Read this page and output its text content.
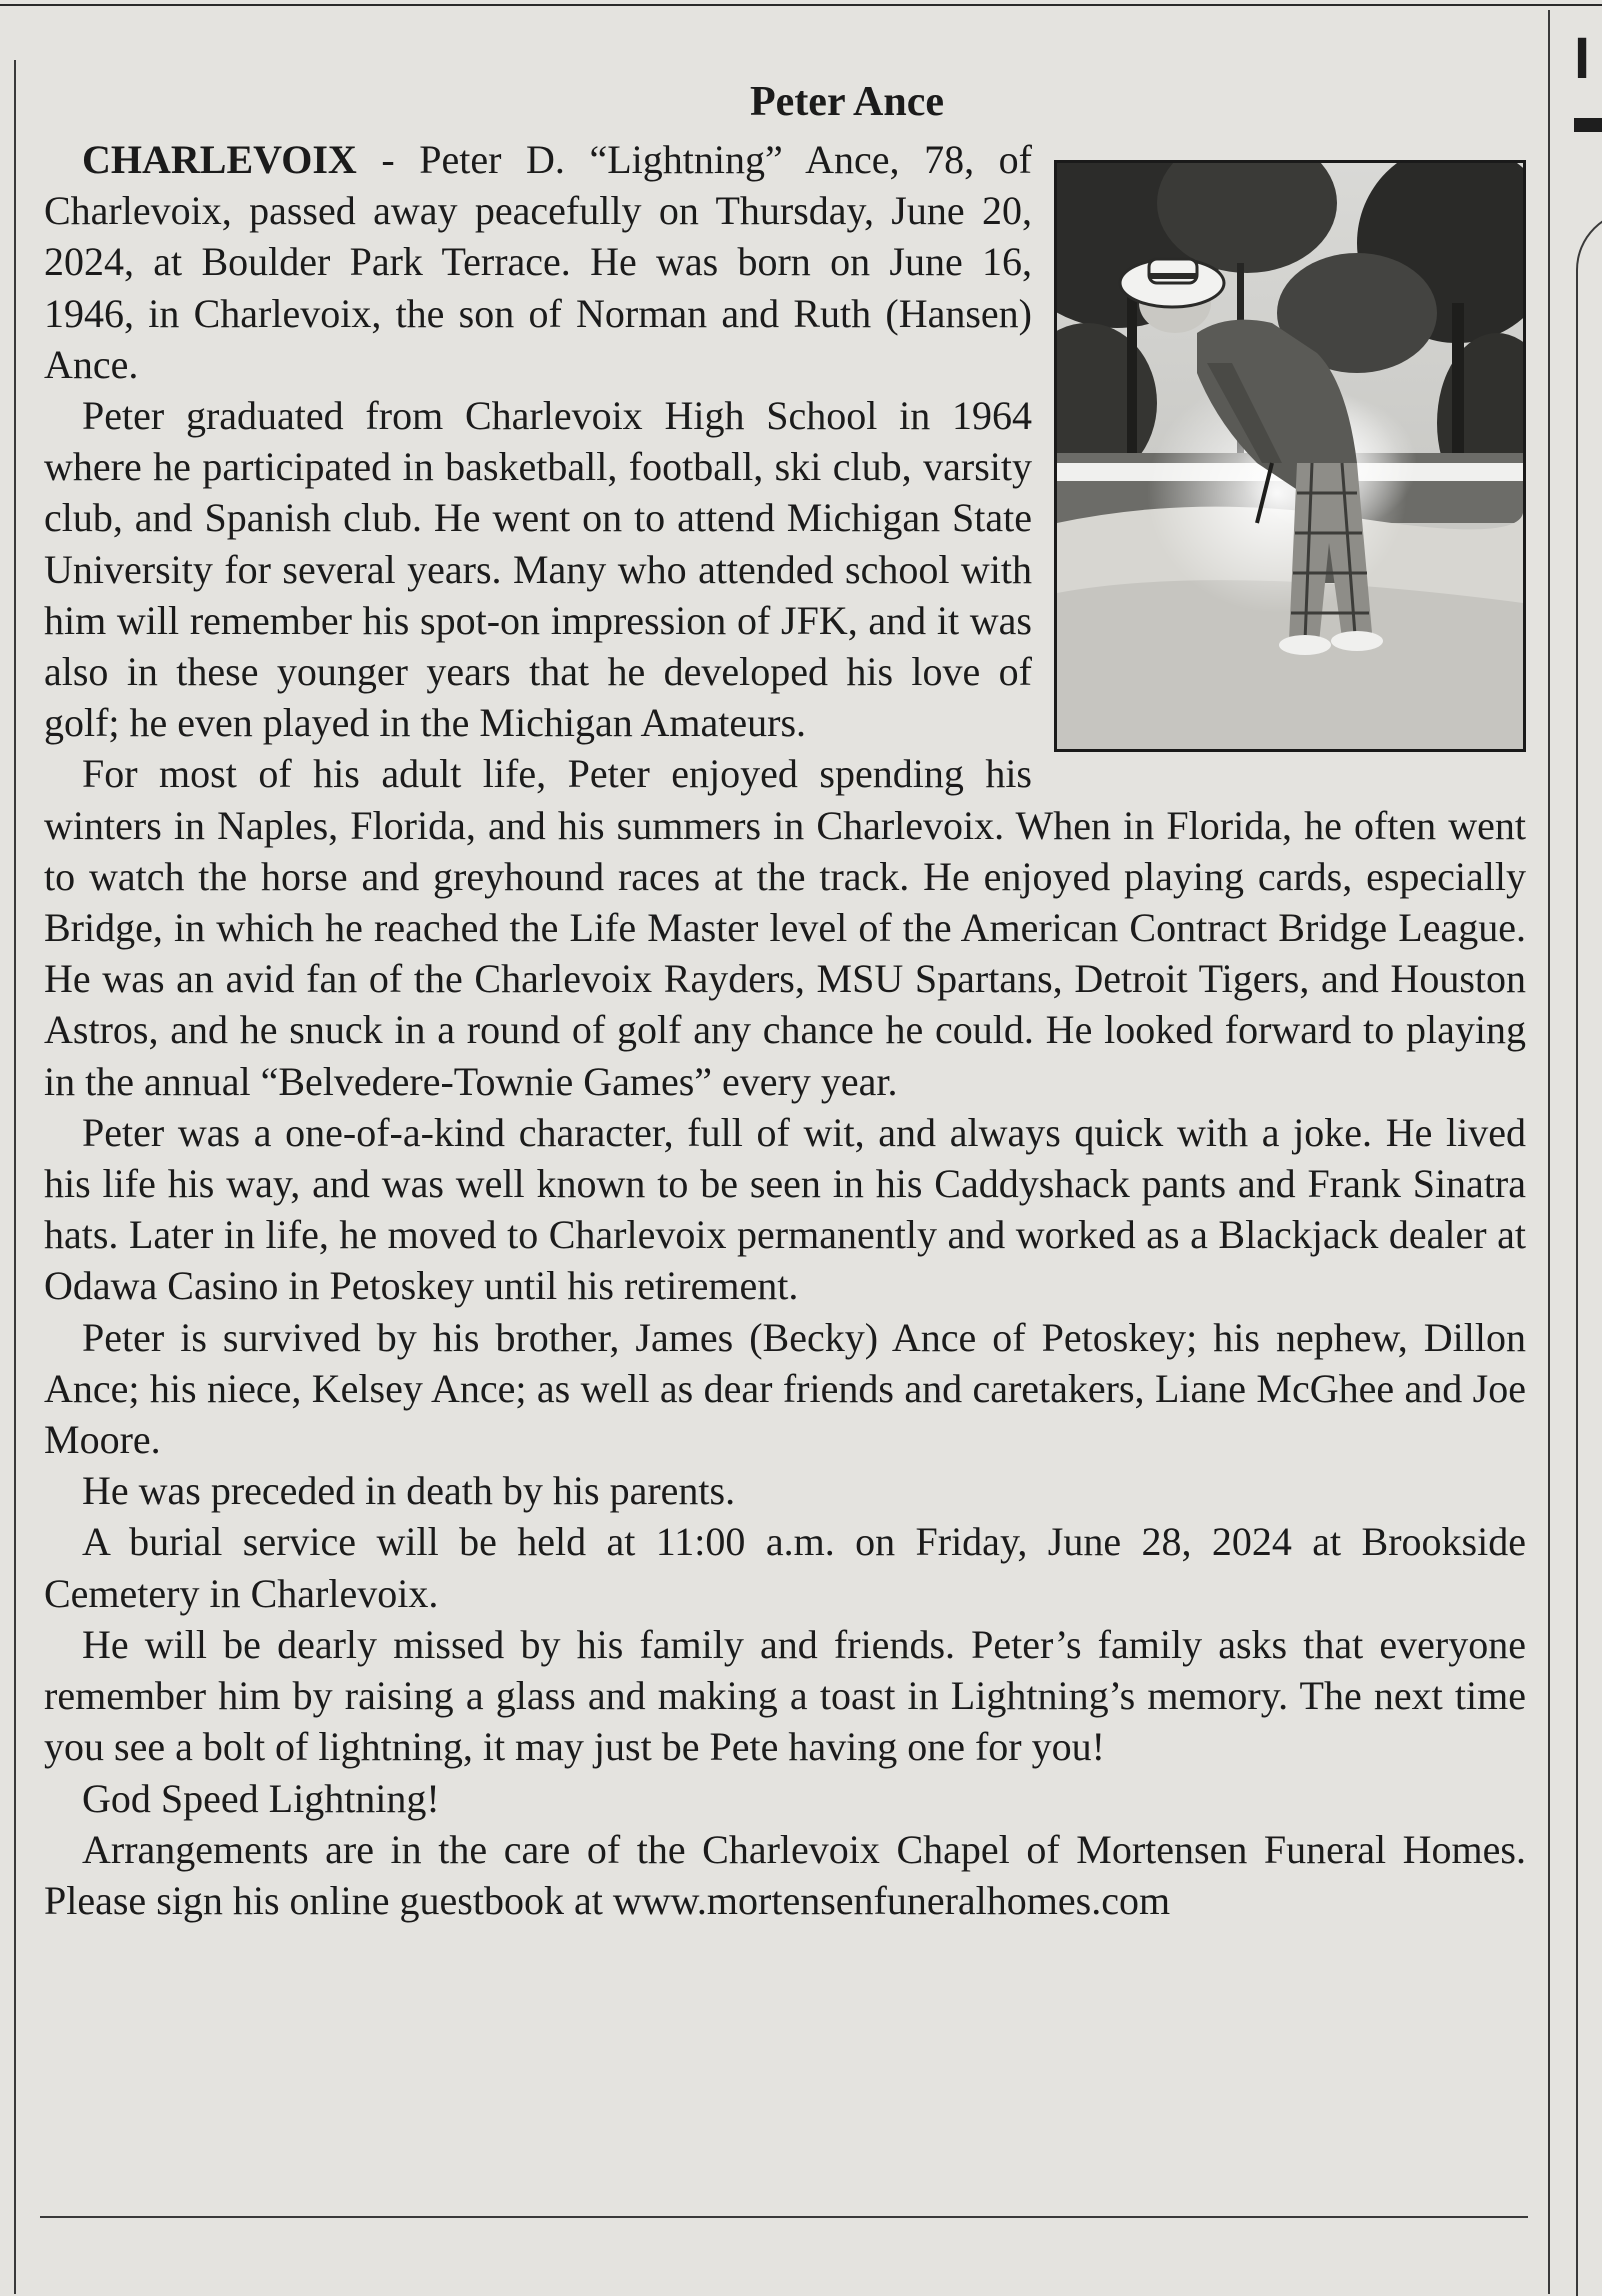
I
Peter Ance

CHARLEVOIX - Peter D. “Lightning” Ance, 78, of Charlevoix, passed away peacefully on Thursday, June 20, 2024, at Boulder Park Terrace. He was born on June 16, 1946, in Charlevoix, the son of Norman and Ruth (Hansen) Ance.

Peter graduated from Charlevoix High School in 1964 where he participated in basketball, football, ski club, varsity club, and Spanish club. He went on to attend Michigan State University for several years. Many who attended school with him will remember his spot-on impression of JFK, and it was also in these younger years that he developed his love of golf; he even played in the Michigan Amateurs.

For most of his adult life, Peter enjoyed spending his winters in Naples, Florida, and his summers in Charlevoix. When in Florida, he often went to watch the horse and greyhound races at the track. He enjoyed playing cards, especially Bridge, in which he reached the Life Master level of the American Contract Bridge League. He was an avid fan of the Charlevoix Rayders, MSU Spartans, Detroit Tigers, and Houston Astros, and he snuck in a round of golf any chance he could. He looked forward to playing in the annual “Belvedere-Townie Games” every year.

Peter was a one-of-a-kind character, full of wit, and always quick with a joke. He lived his life his way, and was well known to be seen in his Caddyshack pants and Frank Sinatra hats. Later in life, he moved to Charlevoix permanently and worked as a Blackjack dealer at Odawa Casino in Petoskey until his retirement.

Peter is survived by his brother, James (Becky) Ance of Petoskey; his nephew, Dillon Ance; his niece, Kelsey Ance; as well as dear friends and caretakers, Liane McGhee and Joe Moore.

He was preceded in death by his parents.

A burial service will be held at 11:00 a.m. on Friday, June 28, 2024 at Brookside Cemetery in Charlevoix.

He will be dearly missed by his family and friends. Peter’s family asks that everyone remember him by raising a glass and making a toast in Lightning’s memory. The next time you see a bolt of lightning, it may just be Pete having one for you!

God Speed Lightning!

Arrangements are in the care of the Charlevoix Chapel of Mortensen Funeral Homes. Please sign his online guestbook at www.mortensenfuneralhomes.com
